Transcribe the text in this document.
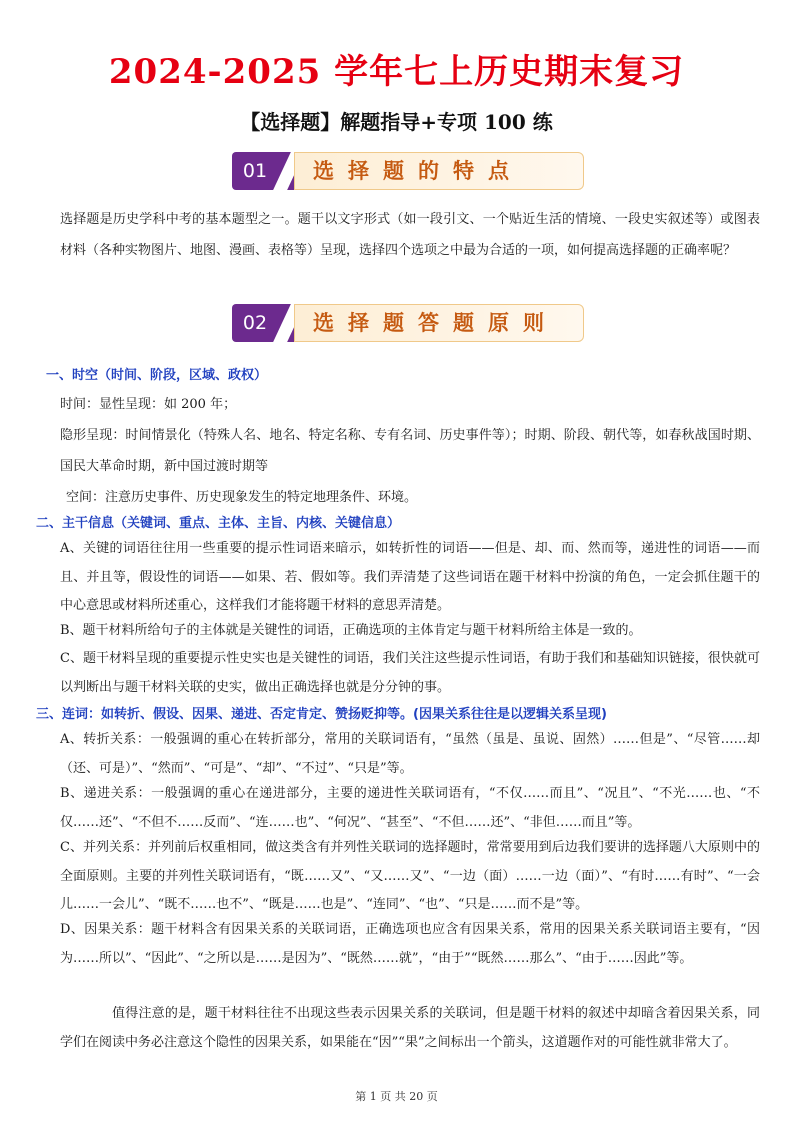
2024-2025 学年七上历史期末复习
【选择题】解题指导+专项 100 练
01	选择题的特点

选择题是历史学科中考的基本题型之一。题干以文字形式（如一段引文、一个贴近生活的情境、一段史实叙述等）或图表材料（各种实物图片、地图、漫画、表格等）呈现，选择四个选项之中最为合适的一项，如何提高选择题的正确率呢？

02	选择题答题原则
一、时空（时间、阶段，区域、政权）

时间：显性呈现：如 200 年；

隐形呈现：时间情景化（特殊人名、地名、特定名称、专有名词、历史事件等）；时期、阶段、朝代等，如春秋战国时期、国民大革命时期，新中国过渡时期等

空间：注意历史事件、历史现象发生的特定地理条件、环境。

二、主干信息（关键词、重点、主体、主旨、内核、关键信息）

A、关键的词语往往用一些重要的提示性词语来暗示，如转折性的词语——但是、却、而、然而等，递进性的词语——而且、并且等，假设性的词语——如果、若、假如等。我们弄清楚了这些词语在题干材料中扮演的角色，一定会抓住题干的中心意思或材料所述重心，这样我们才能将题干材料的意思弄清楚。

B、题干材料所给句子的主体就是关键性的词语，正确选项的主体肯定与题干材料所给主体是一致的。

C、题干材料呈现的重要提示性史实也是关键性的词语，我们关注这些提示性词语，有助于我们和基础知识链接，很快就可以判断出与题干材料关联的史实，做出正确选择也就是分分钟的事。

三、连词：如转折、假设、因果、递进、否定肯定、赞扬贬抑等。(因果关系往往是以逻辑关系呈现)

A、转折关系：一般强调的重心在转折部分，常用的关联词语有，“虽然（虽是、虽说、固然）……但是”、“尽管……却（还、可是）”、“然而”、“可是”、“却”、“不过”、“只是”等。

B、递进关系：一般强调的重心在递进部分，主要的递进性关联词语有，“不仅……而且”、“况且”、“不光……也、“不仅……还”、“不但不……反而”、“连……也”、“何况”、“甚至”、“不但……还”、“非但……而且”等。

C、并列关系：并列前后权重相同，做这类含有并列性关联词的选择题时，常常要用到后边我们要讲的选择题八大原则中的全面原则。主要的并列性关联词语有，“既……又”、“又……又”、“一边（面）……一边（面）”、“有时……有时”、“一会儿……一会儿”、“既不……也不”、“既是……也是”、“连同”、“也”、“只是……而不是”等。

D、因果关系：题干材料含有因果关系的关联词语，正确选项也应含有因果关系，常用的因果关系关联词语主要有，“因为……所以”、“因此”、“之所以是……是因为”、“既然……就”，“由于”“既然……那么”、“由于……因此”等。

值得注意的是，题干材料往往不出现这些表示因果关系的关联词，但是题干材料的叙述中却暗含着因果关系，同学们在阅读中务必注意这个隐性的因果关系，如果能在“因”“果”之间标出一个箭头，这道题作对的可能性就非常大了。

第 1 页 共 20 页
